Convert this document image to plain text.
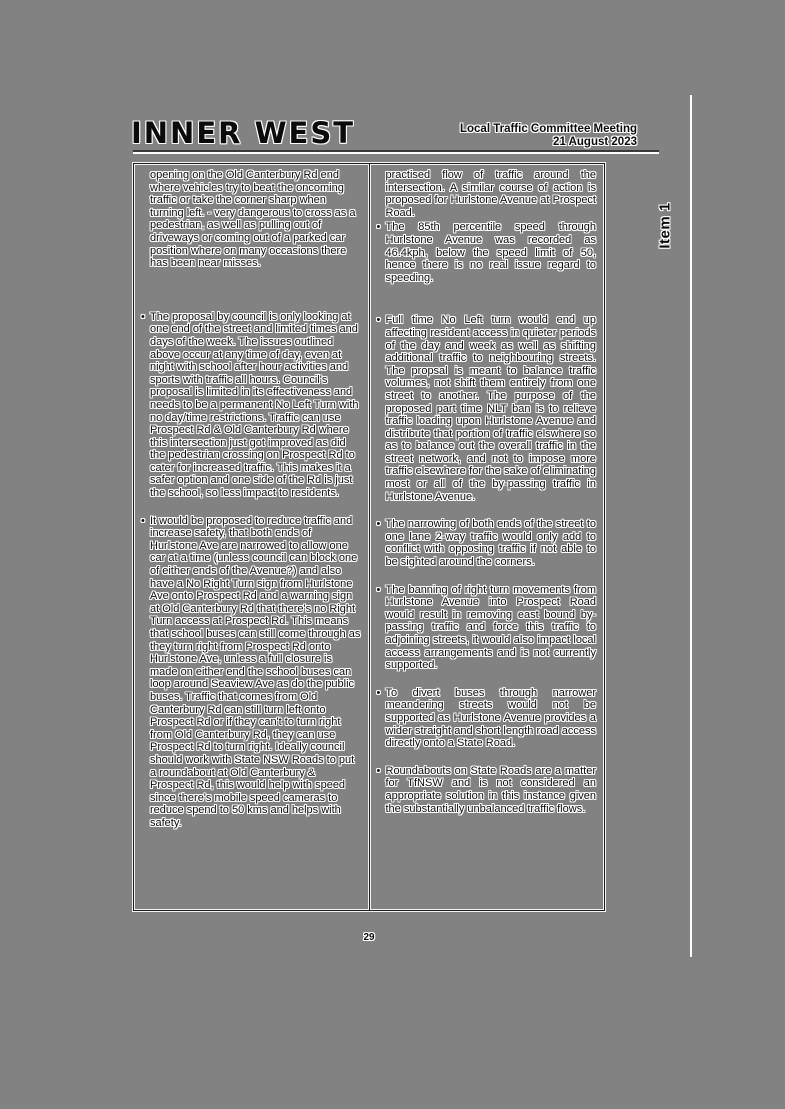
INNER WEST	Local Traffic Committee Meeting
21 August 2023

opening on the Old Canterbury Rd end where vehicles try to beat the oncoming traffic or take the corner sharp when turning left. - very dangerous to cross as a pedestrian, as well as pulling out of driveways or coming out of a parked car position where on many occasions there has been near misses.

• The proposal by council is only looking at one end of the street and limited times and days of the week. The issues outlined above occur at any time of day, even at night with school after hour activities and sports with traffic all hours. Council's proposal is limited in its effectiveness and needs to be a permanent No Left Turn with no day/time restrictions. Traffic can use Prospect Rd & Old Canterbury Rd where this intersection just got improved as did the pedestrian crossing on Prospect Rd to cater for increased traffic. This makes it a safer option and one side of the Rd is just the school, so less impact to residents.

• It would be proposed to reduce traffic and increase safety, that both ends of Hurlstone Ave are narrowed to allow one car at a time (unless council can block one of either ends of the Avenue?) and also have a No Right Turn sign from Hurlstone Ave onto Prospect Rd and a warning sign at Old Canterbury Rd that there's no Right Turn access at Prospect Rd. This means that school buses can still come through as they turn right from Prospect Rd onto Hurlstone Ave, unless a full closure is made on either end the school buses can loop around Seaview Ave as do the public buses. Traffic that comes from Old Canterbury Rd can still turn left onto Prospect Rd or if they can't to turn right from Old Canterbury Rd, they can use Prospect Rd to turn right. Ideally council should work with State NSW Roads to put a roundabout at Old Canterbury & Prospect Rd, this would help with speed since there's mobile speed cameras to reduce spend to 50 kms and helps with safety.

practised flow of traffic around the intersection. A similar course of action is proposed for Hurlstone Avenue at Prospect Road.

• The 85th percentile speed through Hurlstone Avenue was recorded as 46.4kph, below the speed limit of 50, hence there is no real issue regard to speeding.

• Full time No Left turn would end up affecting resident access in quieter periods of the day and week as well as shifting additional traffic to neighbouring streets. The propsal is meant to balance traffic volumes, not shift them entirely from one street to another. The purpose of the proposed part time NLT ban is to relieve traffic loading upon Hurlstone Avenue and distribute that portion of traffic elswhere so as to balance out the overall traffic in the street network, and not to impose more traffic elsewhere for the sake of eliminating most or all of the by-passing traffic in Hurlstone Avenue.

• The narrowing of both ends of the street to one lane 2-way traffic would only add to conflict with opposing traffic if not able to be sighted around the corners.

• The banning of right turn movements from Hurlstone Avenue into Prospect Road would result in removing east bound by-passing traffic and force this traffic to adjoining streets, it would also impact local access arrangements and is not currently supported.

• To divert buses through narrower meandering streets would not be supported as Hurlstone Avenue provides a wider straight and short length road access directly onto a State Road.

• Roundabouts on State Roads are a matter for TfNSW and is not considered an appropriate solution in this instance given the substantially unbalanced traffic flows.

Item 1
29
